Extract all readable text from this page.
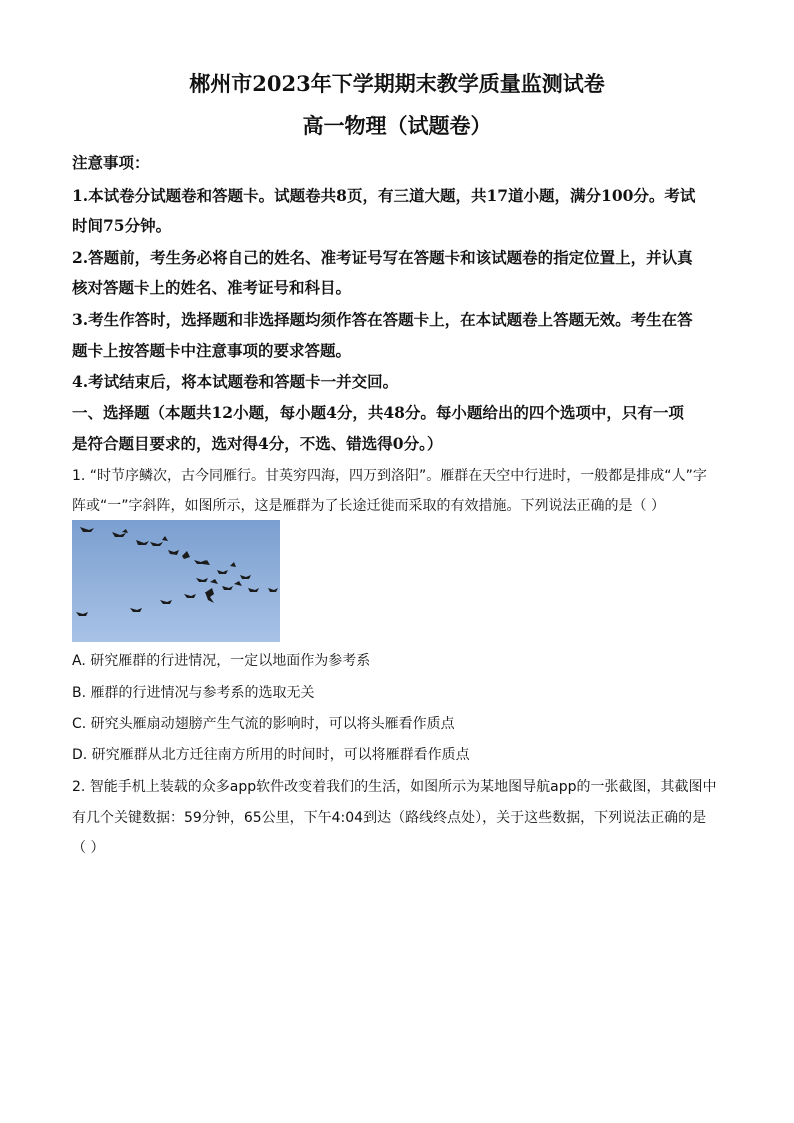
郴州市2023年下学期期末教学质量监测试卷
高一物理（试题卷）
注意事项：
1.本试卷分试题卷和答题卡。试题卷共8页，有三道大题，共17道小题，满分100分。考试
时间75分钟。
2.答题前，考生务必将自己的姓名、准考证号写在答题卡和该试题卷的指定位置上，并认真
核对答题卡上的姓名、准考证号和科目。
3.考生作答时，选择题和非选择题均须作答在答题卡上，在本试题卷上答题无效。考生在答
题卡上按答题卡中注意事项的要求答题。
4.考试结束后，将本试题卷和答题卡一并交回。
一、选择题（本题共12小题，每小题4分，共48分。每小题给出的四个选项中，只有一项
是符合题目要求的，选对得4分，不选、错选得0分。）
1. “时节序鳞次，古今同雁行。甘英穷四海，四万到洛阳”。雁群在天空中行进时，一般都是排成“人”字
阵或“一”字斜阵，如图所示，这是雁群为了长途迁徙而采取的有效措施。下列说法正确的是（ ）
A. 研究雁群的行进情况，一定以地面作为参考系
B. 雁群的行进情况与参考系的选取无关
C. 研究头雁扇动翅膀产生气流的影响时，可以将头雁看作质点
D. 研究雁群从北方迁往南方所用的时间时，可以将雁群看作质点
2. 智能手机上装载的众多app软件改变着我们的生活，如图所示为某地图导航app的一张截图，其截图中
有几个关键数据：59分钟，65公里，下午4:04到达（路线终点处），关于这些数据，下列说法正确的是
（ ）
